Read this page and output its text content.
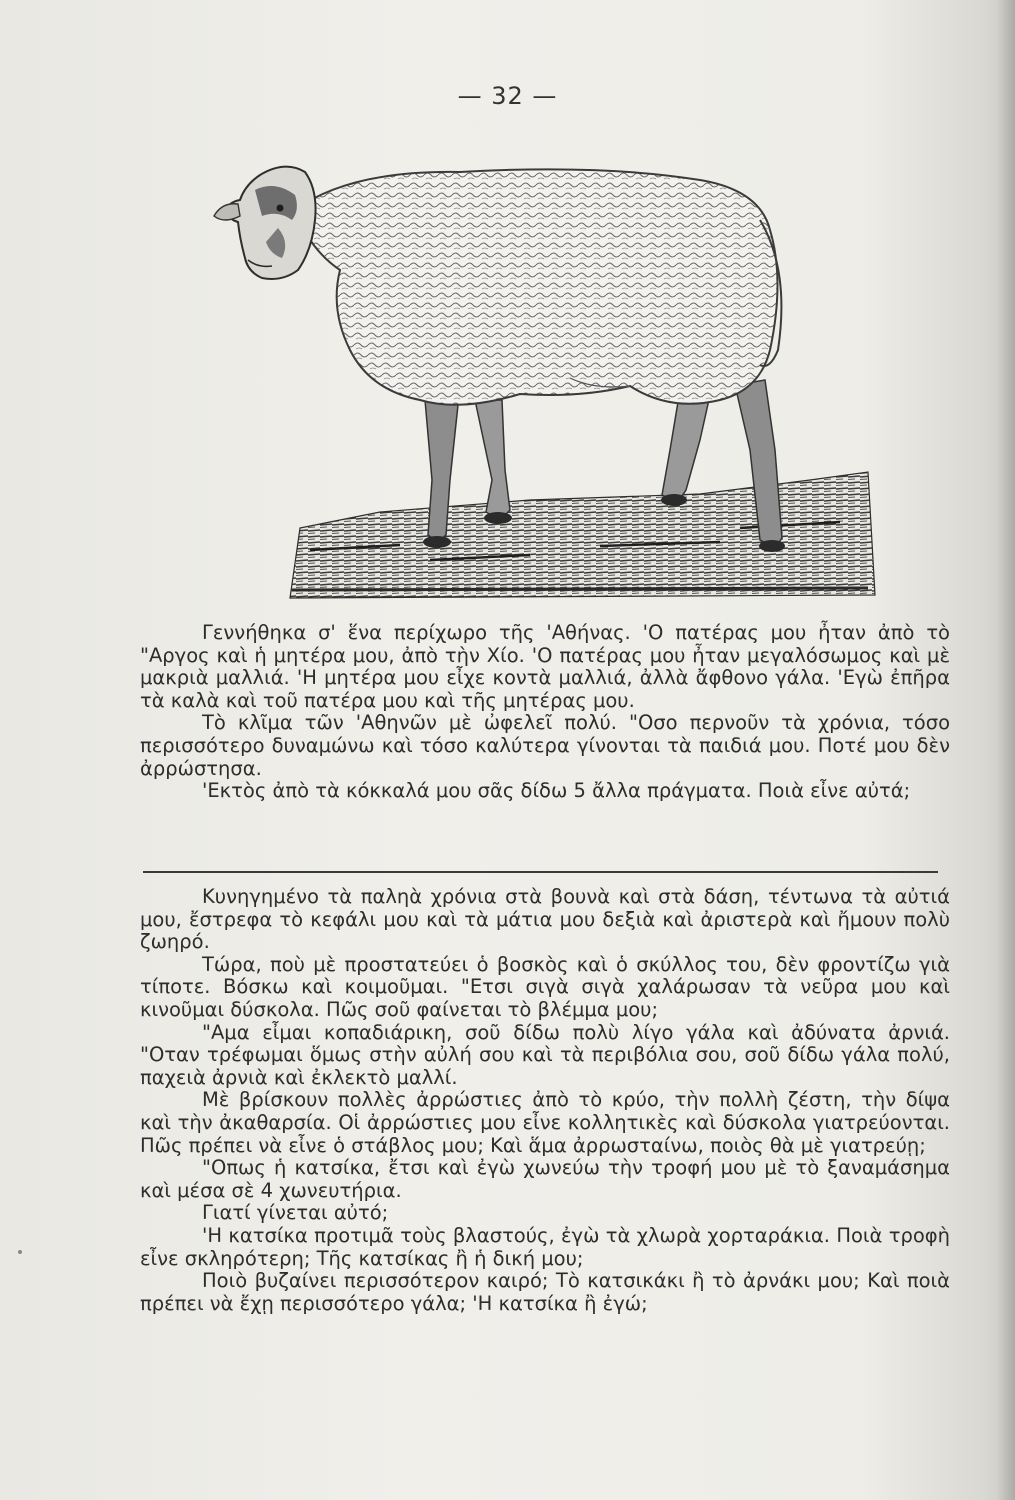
— 32 —

Γεννήθηκα σ' ἕνα περίχωρο τῆς 'Αθήνας. 'Ο πατέρας μου ἦταν ἀπὸ τὸ "Αργος καὶ ἡ μητέρα μου, ἀπὸ τὴν Χίο. 'Ο πατέρας μου ἦταν μεγαλόσωμος καὶ μὲ μακριὰ μαλλιά. 'Η μητέρα μου εἶχε κοντὰ μαλλιά, ἀλλὰ ἄφθονο γάλα. 'Εγὼ ἐπῆρα τὰ καλὰ καὶ τοῦ πατέρα μου καὶ τῆς μητέρας μου.

Τὸ κλῖμα τῶν 'Αθηνῶν μὲ ὠφελεῖ πολύ. "Οσο περνοῦν τὰ χρόνια, τόσο περισσότερο δυναμώνω καὶ τόσο καλύτερα γίνονται τὰ παιδιά μου. Ποτέ μου δὲν ἀρρώστησα.

'Εκτὸς ἀπὸ τὰ κόκκαλά μου σᾶς δίδω 5 ἄλλα πράγματα. Ποιὰ εἶνε αὐτά;

Κυνηγημένο τὰ παληὰ χρόνια στὰ βουνὰ καὶ στὰ δάση, τέντωνα τὰ αὐτιά μου, ἔστρεφα τὸ κεφάλι μου καὶ τὰ μάτια μου δεξιὰ καὶ ἀριστερὰ καὶ ἤμουν πολὺ ζωηρό.

Τώρα, ποὺ μὲ προστατεύει ὁ βοσκὸς καὶ ὁ σκύλλος του, δὲν φροντίζω γιὰ τίποτε. Βόσκω καὶ κοιμοῦμαι. "Ετσι σιγὰ σιγὰ χαλάρωσαν τὰ νεῦρα μου καὶ κινοῦμαι δύσκολα. Πῶς σοῦ φαίνεται τὸ βλέμμα μου;

"Αμα εἶμαι κοπαδιάρικη, σοῦ δίδω πολὺ λίγο γάλα καὶ ἀδύνατα ἀρνιά. "Οταν τρέφωμαι ὅμως στὴν αὐλή σου καὶ τὰ περιβόλια σου, σοῦ δίδω γάλα πολύ, παχειὰ ἀρνιὰ καὶ ἐκλεκτὸ μαλλί.

Μὲ βρίσκουν πολλὲς ἀρρώστιες ἀπὸ τὸ κρύο, τὴν πολλὴ ζέστη, τὴν δίψα καὶ τὴν ἀκαθαρσία. Οἱ ἀρρώστιες μου εἶνε κολλητικὲς καὶ δύσκολα γιατρεύονται. Πῶς πρέπει νὰ εἶνε ὁ στάβλος μου; Καὶ ἅμα ἀρρωσταίνω, ποιὸς θὰ μὲ γιατρεύῃ;

"Οπως ἡ κατσίκα, ἔτσι καὶ ἐγὼ χωνεύω τὴν τροφή μου μὲ τὸ ξαναμάσημα καὶ μέσα σὲ 4 χωνευτήρια.

Γιατί γίνεται αὐτό;

'Η κατσίκα προτιμᾶ τοὺς βλαστούς, ἐγὼ τὰ χλωρὰ χορταράκια. Ποιὰ τροφὴ εἶνε σκληρότερη; Τῆς κατσίκας ἢ ἡ δική μου;

Ποιὸ βυζαίνει περισσότερον καιρό; Τὸ κατσικάκι ἢ τὸ ἀρνάκι μου; Καὶ ποιὰ πρέπει νὰ ἔχῃ περισσότερο γάλα; 'Η κατσίκα ἢ ἐγώ;
